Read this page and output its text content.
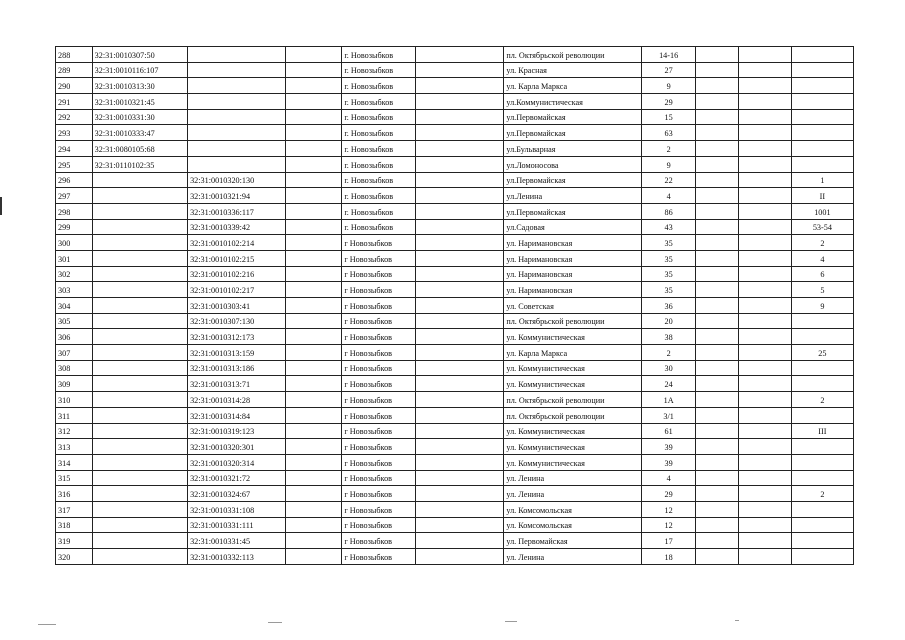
288	32:31:0010307:50			г. Новозыбков		пл. Октябрьской революции	14-16			
289	32:31:0010116:107			г. Новозыбков		ул. Красная	27			
290	32:31:0010313:30			г. Новозыбков		ул. Карла Маркса	9			
291	32:31:0010321:45			г. Новозыбков		ул.Коммунистическая	29			
292	32:31:0010331:30			г. Новозыбков		ул.Первомайская	15			
293	32:31:0010333:47			г. Новозыбков		ул.Первомайская	63			
294	32:31:0080105:68			г. Новозыбков		ул.Бульварная	2			
295	32:31:0110102:35			г. Новозыбков		ул.Ломоносова	9			
296		32:31:0010320:130		г. Новозыбков		ул.Первомайская	22			1
297		32:31:0010321:94		г. Новозыбков		ул.Ленина	4			II
298		32:31:0010336:117		г. Новозыбков		ул.Первомайская	86			1001
299		32:31:0010339:42		г. Новозыбков		ул.Садовая	43			53-54
300		32:31:0010102:214		г Новозыбков		ул. Наримановская	35			2
301		32:31:0010102:215		г Новозыбков		ул. Наримановская	35			4
302		32:31:0010102:216		г Новозыбков		ул. Наримановская	35			6
303		32:31:0010102:217		г Новозыбков		ул. Наримановская	35			5
304		32:31:0010303:41		г Новозыбков		ул. Советская	36			9
305		32:31:0010307:130		г Новозыбков		пл. Октябрьской революции	20			
306		32:31:0010312:173		г Новозыбков		ул. Коммунистическая	38			
307		32:31:0010313:159		г Новозыбков		ул. Карла Маркса	2			25
308		32:31:0010313:186		г Новозыбков		ул. Коммунистическая	30			
309		32:31:0010313:71		г Новозыбков		ул. Коммунистическая	24			
310		32:31:0010314:28		г Новозыбков		пл. Октябрьской революции	1А			2
311		32:31:0010314:84		г Новозыбков		пл. Октябрьской революции	3/1			
312		32:31:0010319:123		г Новозыбков		ул. Коммунистическая	61			III
313		32:31:0010320:301		г Новозыбков		ул. Коммунистическая	39			
314		32:31:0010320:314		г Новозыбков		ул. Коммунистическая	39			
315		32:31:0010321:72		г Новозыбков		ул. Ленина	4			
316		32:31:0010324:67		г Новозыбков		ул. Ленина	29			2
317		32:31:0010331:108		г Новозыбков		ул. Комсомольская	12			
318		32:31:0010331:111		г Новозыбков		ул. Комсомольская	12			
319		32:31:0010331:45		г Новозыбков		ул. Первомайская	17			
320		32:31:0010332:113		г Новозыбков		ул. Ленина	18			
